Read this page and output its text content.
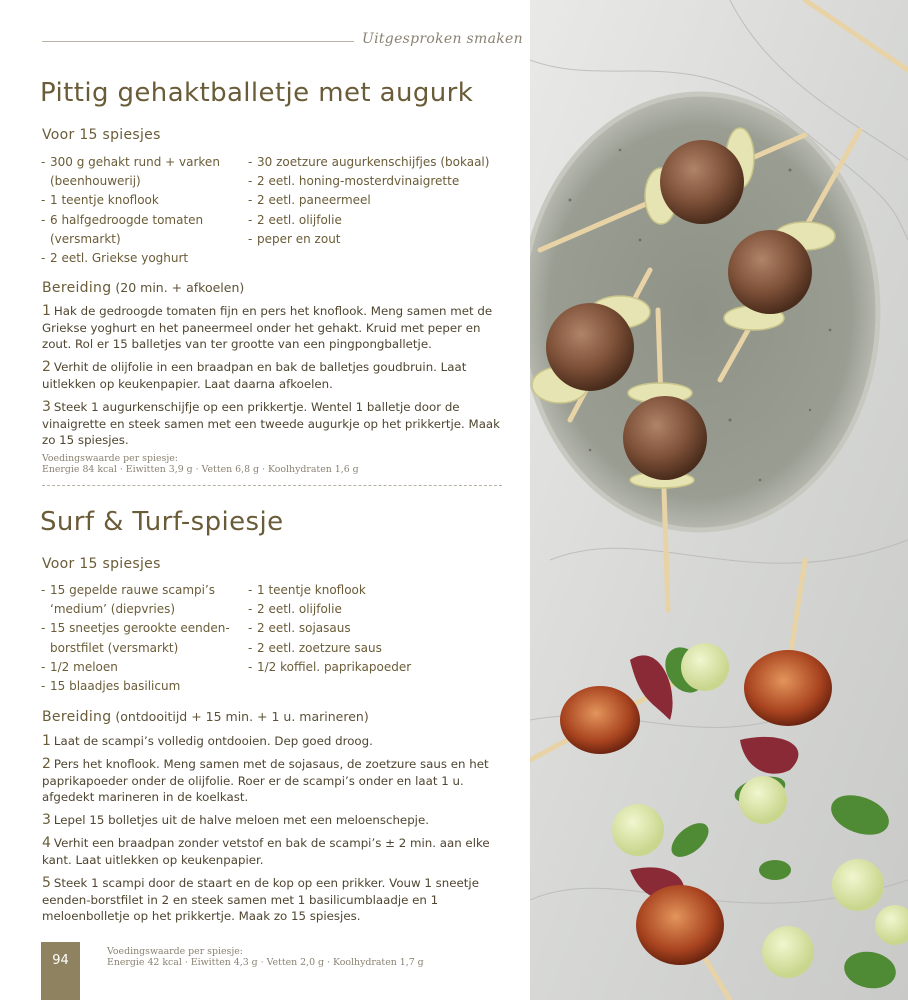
Uitgesproken smaken
Pittig gehaktballetje met augurk
Voor 15 spiesjes
- 300 g gehakt rund + varken
(beenhouwerij)
- 1 teentje knoflook
- 6 halfgedroogde tomaten
(versmarkt)
- 2 eetl. Griekse yoghurt
- 30 zoetzure augurkenschijfjes (bokaal)
- 2 eetl. honing-mosterdvinaigrette
- 2 eetl. paneermeel
- 2 eetl. olijfolie
- peper en zout
Bereiding (20 min. + afkoelen)

1 Hak de gedroogde tomaten fijn en pers het knoflook. Meng samen met de Griekse yoghurt en het paneermeel onder het gehakt. Kruid met peper en zout. Rol er 15 balletjes van ter grootte van een pingpongballetje.

2 Verhit de olijfolie in een braadpan en bak de balletjes goudbruin. Laat uitlekken op keukenpapier. Laat daarna afkoelen.

3 Steek 1 augurkenschijfje op een prikkertje. Wentel 1 balletje door de vinaigrette en steek samen met een tweede augurkje op het prikkertje. Maak zo 15 spiesjes.

Voedingswaarde per spiesje:
Energie 84 kcal · Eiwitten 3,9 g · Vetten 6,8 g · Koolhydraten 1,6 g
Surf & Turf-spiesje
Voor 15 spiesjes
- 15 gepelde rauwe scampi’s
‘medium’ (diepvries)
- 15 sneetjes gerookte eenden-
borstfilet (versmarkt)
- 1/2 meloen
- 15 blaadjes basilicum
- 1 teentje knoflook
- 2 eetl. olijfolie
- 2 eetl. sojasaus
- 2 eetl. zoetzure saus
- 1/2 koffiel. paprikapoeder
Bereiding (ontdooitijd + 15 min. + 1 u. marineren)

1 Laat de scampi’s volledig ontdooien. Dep goed droog.

2 Pers het knoflook. Meng samen met de sojasaus, de zoetzure saus en het paprikapoeder onder de olijfolie. Roer er de scampi’s onder en laat 1 u. afgedekt marineren in de koelkast.

3 Lepel 15 bolletjes uit de halve meloen met een meloenschepje.

4 Verhit een braadpan zonder vetstof en bak de scampi’s ± 2 min. aan elke kant. Laat uitlekken op keukenpapier.

5 Steek 1 scampi door de staart en de kop op een prikker. Vouw 1 sneetje eenden-borstfilet in 2 en steek samen met 1 basilicumblaadje en 1 meloenbolletje op het prikkertje. Maak zo 15 spiesjes.

94
Voedingswaarde per spiesje:
Energie 42 kcal · Eiwitten 4,3 g · Vetten 2,0 g · Koolhydraten 1,7 g
